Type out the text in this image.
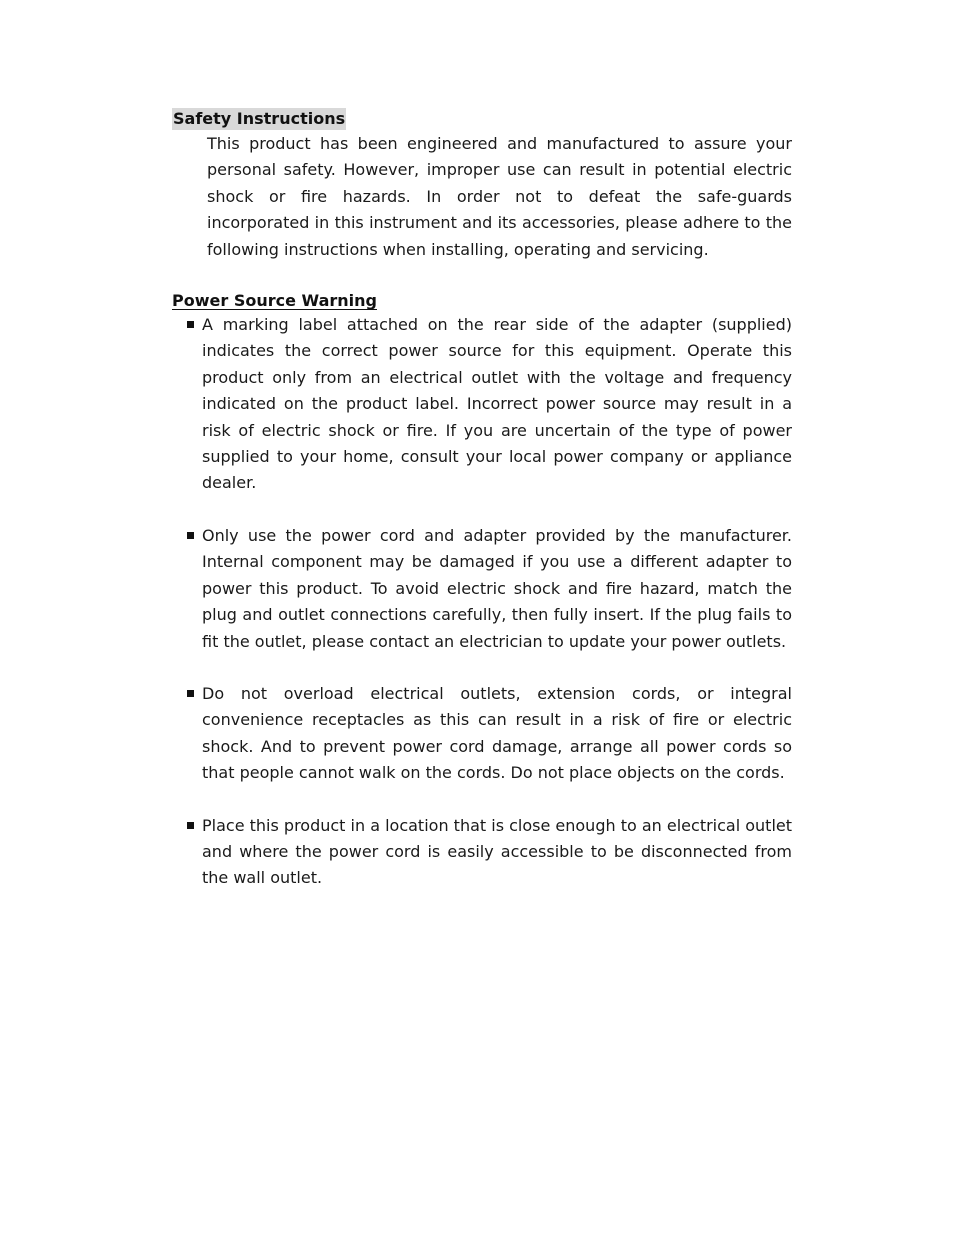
Safety Instructions

This product has been engineered and manufactured to assure your personal safety. However, improper use can result in potential electric shock or fire hazards. In order not to defeat the safe-guards incorporated in this instrument and its accessories, please adhere to the following instructions when installing, operating and servicing.

Power Source Warning

A marking label attached on the rear side of the adapter (supplied) indicates the correct power source for this equipment. Operate this product only from an electrical outlet with the voltage and frequency indicated on the product label. Incorrect power source may result in a risk of electric shock or fire. If you are uncertain of the type of power supplied to your home, consult your local power company or appliance dealer.

Only use the power cord and adapter provided by the manufacturer. Internal component may be damaged if you use a different adapter to power this product. To avoid electric shock and fire hazard, match the plug and outlet connections carefully, then fully insert. If the plug fails to fit the outlet, please contact an electrician to update your power outlets.

Do not overload electrical outlets, extension cords, or integral convenience receptacles as this can result in a risk of fire or electric shock. And to prevent power cord damage, arrange all power cords so that people cannot walk on the cords. Do not place objects on the cords.

Place this product in a location that is close enough to an electrical outlet and where the power cord is easily accessible to be disconnected from the wall outlet.
